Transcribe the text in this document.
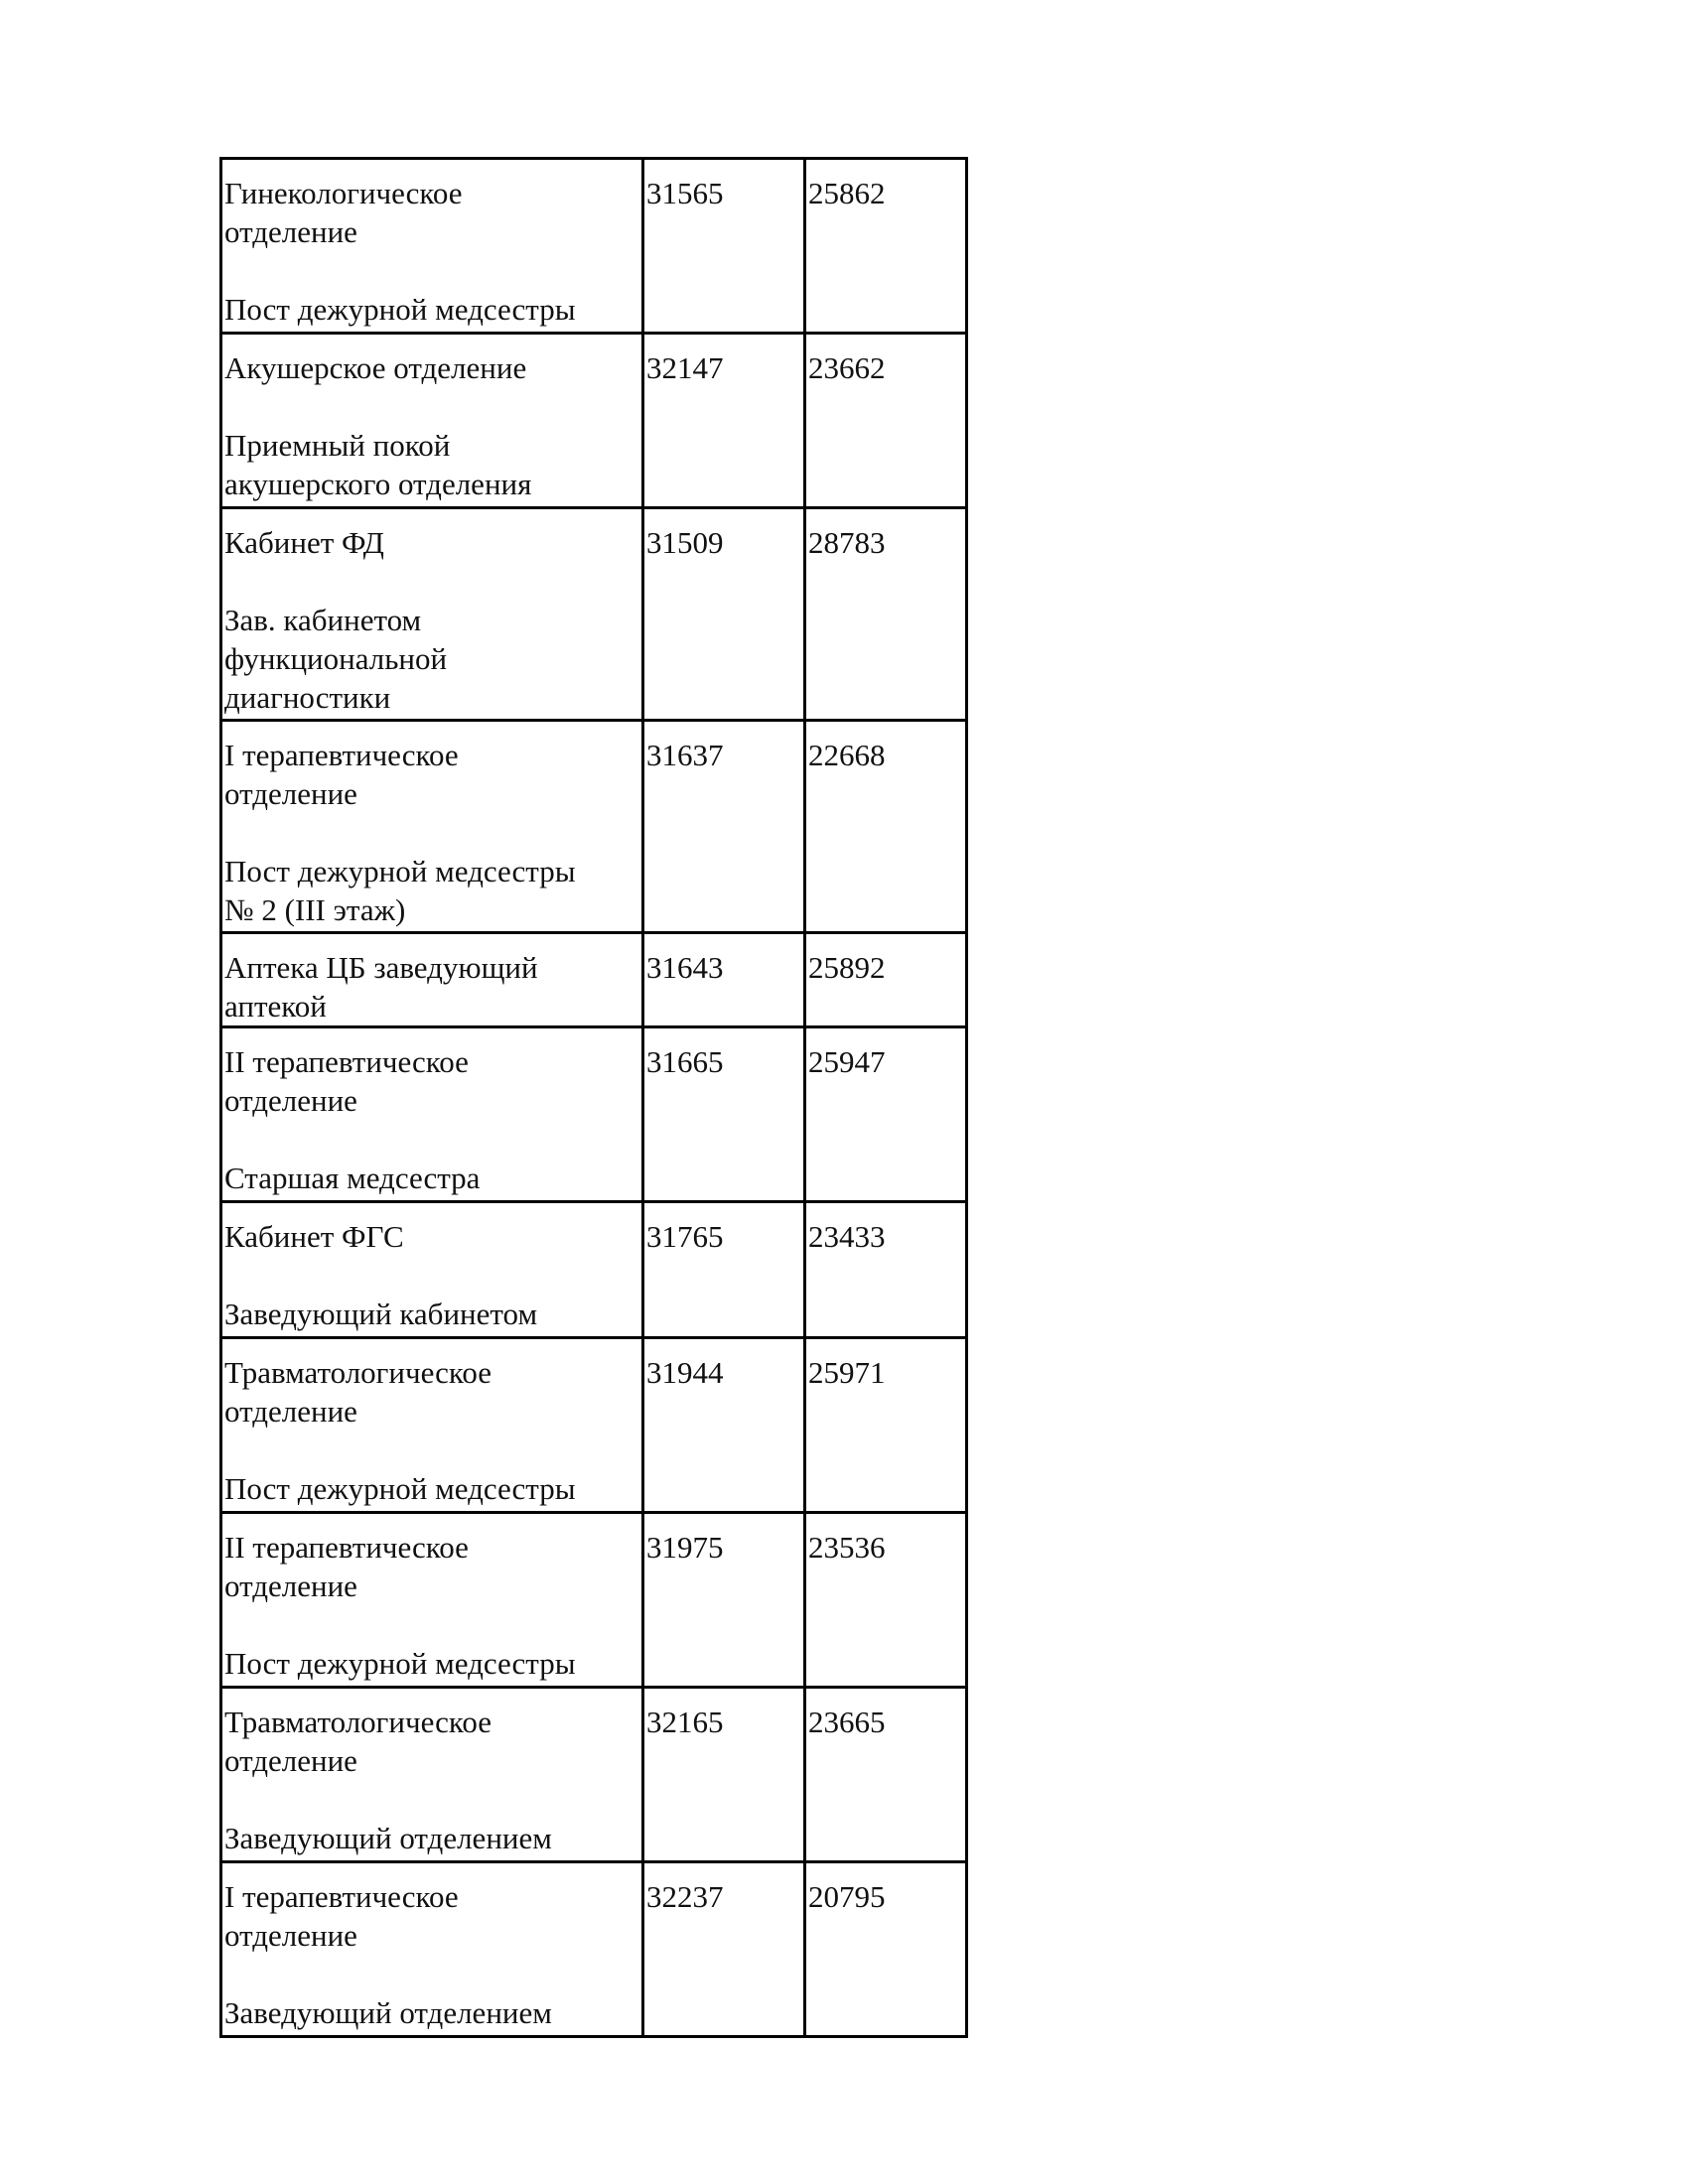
Гинекологическое
отделение
Пост дежурной медсестры	31565	25862

Акушерское отделение
Приемный покой
акушерского отделения	32147	23662

Кабинет ФД
Зав. кабинетом
функциональной
диагностики	31509	28783

I терапевтическое
отделение
Пост дежурной медсестры
№ 2 (III этаж)	31637	22668

Аптека ЦБ заведующий
аптекой	31643	25892

II терапевтическое
отделение
Старшая медсестра	31665	25947

Кабинет ФГС
Заведующий кабинетом	31765	23433

Травматологическое
отделение
Пост дежурной медсестры	31944	25971

II терапевтическое
отделение
Пост дежурной медсестры	31975	23536

Травматологическое
отделение
Заведующий отделением	32165	23665

I терапевтическое
отделение
Заведующий отделением	32237	20795
